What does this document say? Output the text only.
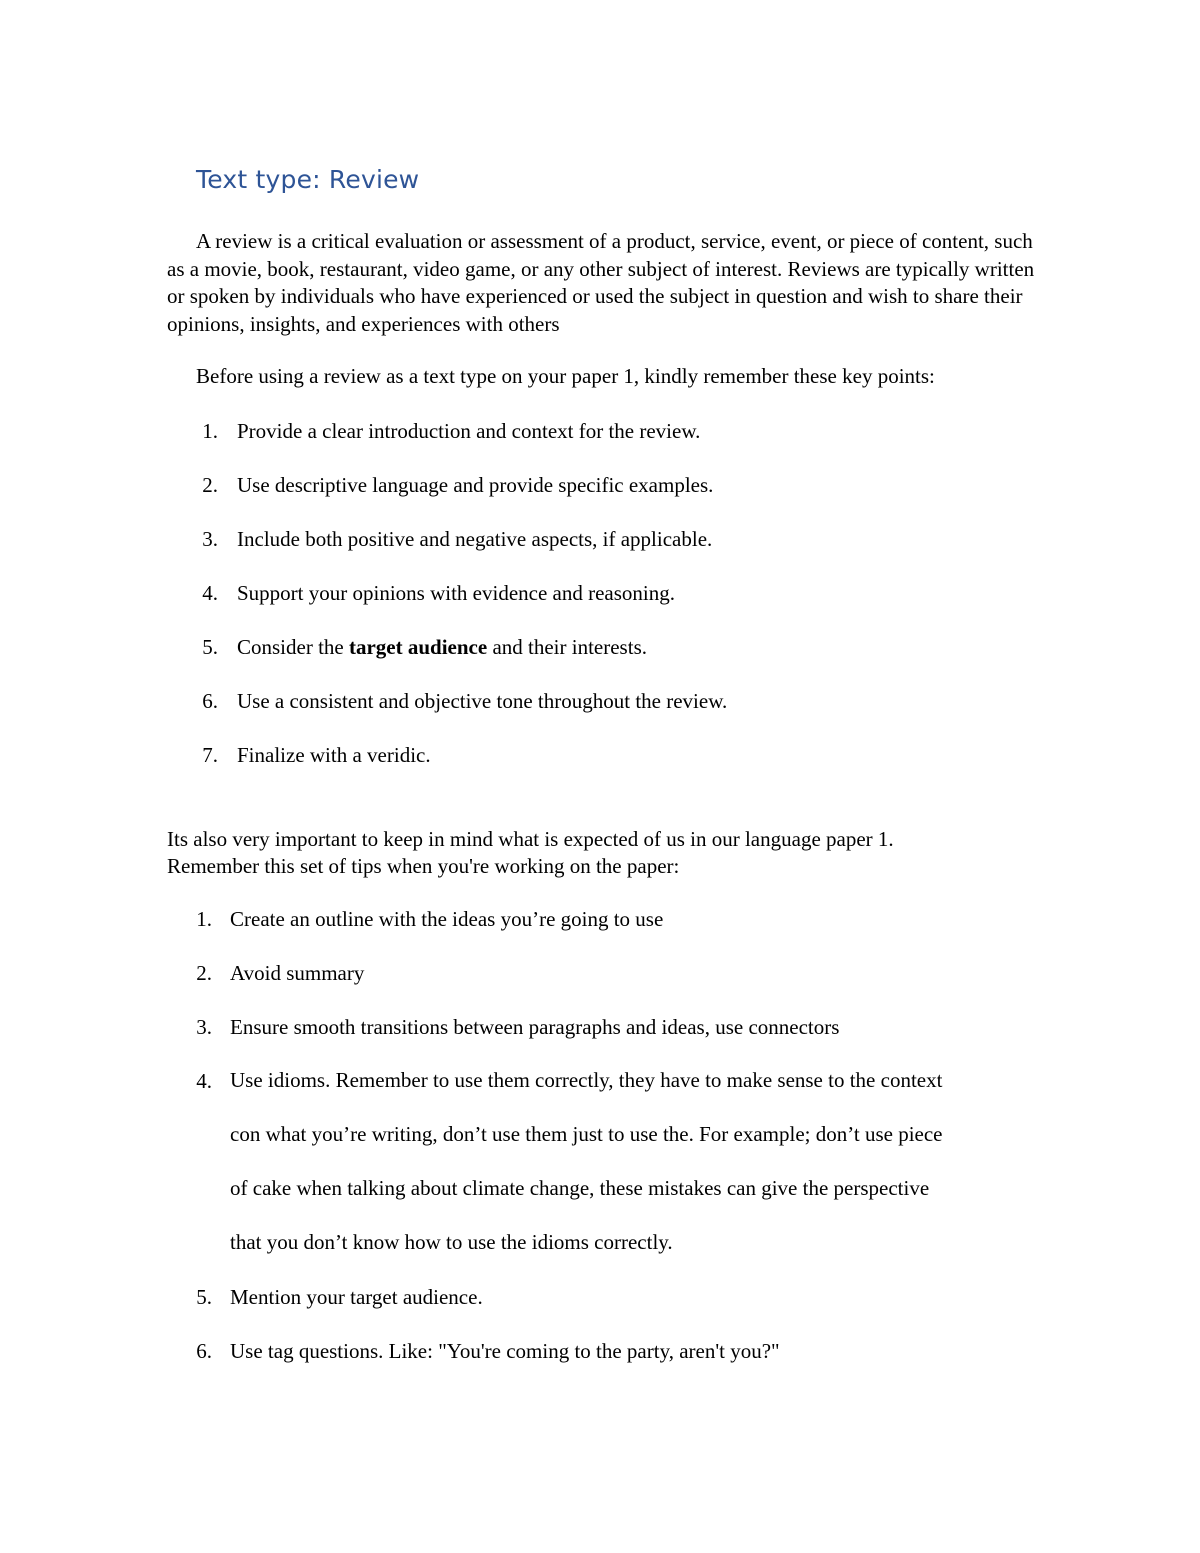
Text type: Review

A review is a critical evaluation or assessment of a product, service, event, or piece of content, such as a movie, book, restaurant, video game, or any other subject of interest. Reviews are typically written or spoken by individuals who have experienced or used the subject in question and wish to share their opinions, insights, and experiences with others

Before using a review as a text type on your paper 1, kindly remember these key points:

1. Provide a clear introduction and context for the review.
2. Use descriptive language and provide specific examples.
3. Include both positive and negative aspects, if applicable.
4. Support your opinions with evidence and reasoning.
5. Consider the target audience and their interests.
6. Use a consistent and objective tone throughout the review.
7. Finalize with a veridic.

Its also very important to keep in mind what is expected of us in our language paper 1.
Remember this set of tips when you're working on the paper:

1. Create an outline with the ideas you’re going to use
2. Avoid summary
3. Ensure smooth transitions between paragraphs and ideas, use connectors
4. Use idioms. Remember to use them correctly, they have to make sense to the context
con what you’re writing, don’t use them just to use the. For example; don’t use piece
of cake when talking about climate change, these mistakes can give the perspective
that you don’t know how to use the idioms correctly.
5. Mention your target audience.
6. Use tag questions. Like: "You're coming to the party, aren't you?"
